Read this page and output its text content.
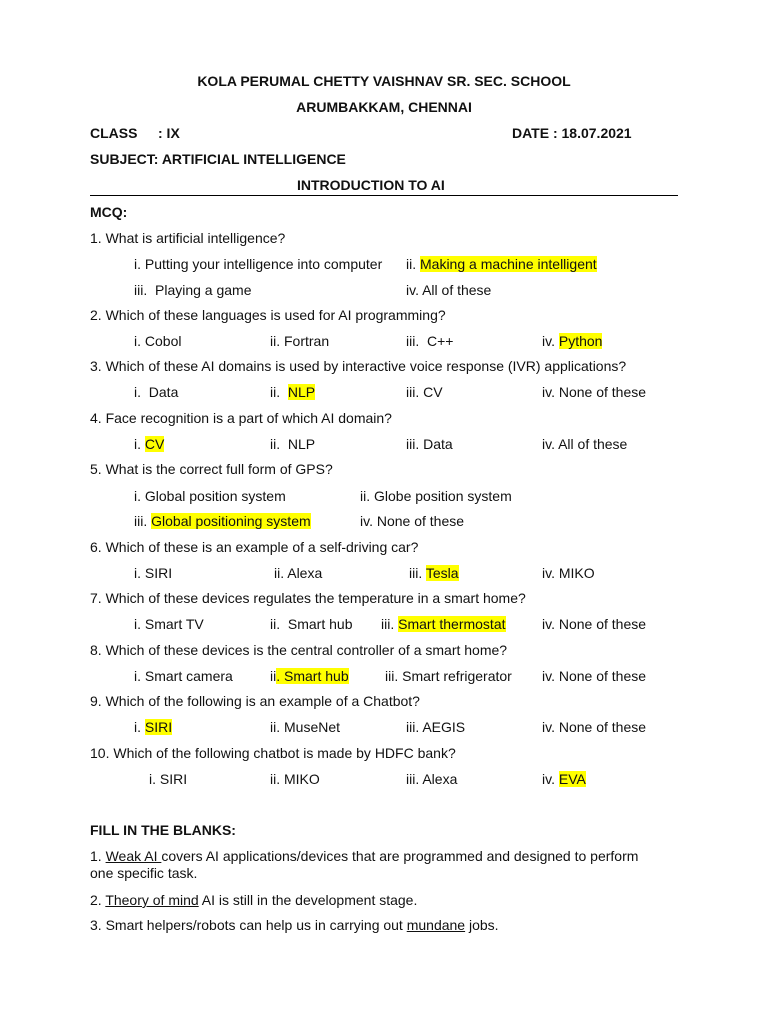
KOLA PERUMAL CHETTY VAISHNAV SR. SEC. SCHOOL
ARUMBAKKAM, CHENNAI
CLASS : IX	DATE : 18.07.2021
SUBJECT: ARTIFICIAL INTELLIGENCE
INTRODUCTION TO AI
MCQ:
1. What is artificial intelligence?
i. Putting your intelligence into computer ii. Making a machine intelligent
iii.  Playing a game	iv. All of these
2. Which of these languages is used for AI programming?
i. Cobol	ii. Fortran	iii.  C++	iv. Python
3. Which of these AI domains is used by interactive voice response (IVR) applications?
i.  Data	ii.  NLP	iii. CV	iv. None of these
4. Face recognition is a part of which AI domain?
i. CV	ii.  NLP	iii. Data	iv. All of these
5. What is the correct full form of GPS?
i. Global position system	ii. Globe position system
iii. Global positioning system	iv. None of these
6. Which of these is an example of a self-driving car?
i. SIRI	ii. Alexa	iii. Tesla	iv. MIKO
7. Which of these devices regulates the temperature in a smart home?
i. Smart TV	ii.  Smart hub iii. Smart thermostat	iv. None of these
8. Which of these devices is the central controller of a smart home?
i. Smart camera	ii. Smart hub	iii. Smart refrigerator iv. None of these
9. Which of the following is an example of a Chatbot?
i. SIRI	ii. MuseNet	iii. AEGIS	iv. None of these
10. Which of the following chatbot is made by HDFC bank?
i. SIRI	ii. MIKO	iii. Alexa	iv. EVA
FILL IN THE BLANKS:
1. Weak AI covers AI applications/devices that are programmed and designed to perform
one specific task.
2. Theory of mind AI is still in the development stage.
3. Smart helpers/robots can help us in carrying out mundane jobs.
